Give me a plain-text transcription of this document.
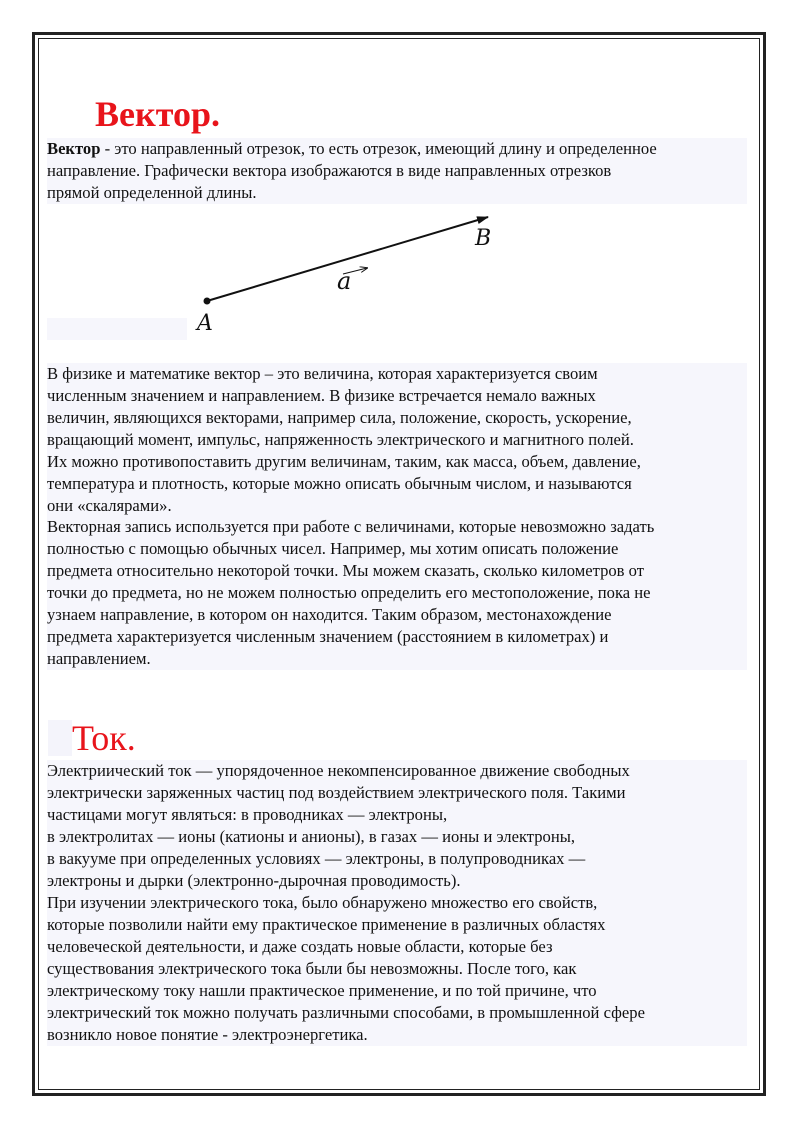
Вектор.
Вектор - это направленный отрезок, то есть отрезок, имеющий длину и определенное
направление. Графически вектора изображаются в виде направленных отрезков
прямой определенной длины.
A
B
a
В физике и математике вектор – это величина, которая характеризуется своим
численным значением и направлением. В физике встречается немало важных
величин, являющихся векторами, например сила, положение, скорость, ускорение,
вращающий момент, импульс, напряженность электрического и магнитного полей.
Их можно противопоставить другим величинам, таким, как масса, объем, давление,
температура и плотность, которые можно описать обычным числом, и называются
они «скалярами».
Векторная запись используется при работе с величинами, которые невозможно задать
полностью с помощью обычных чисел. Например, мы хотим описать положение
предмета относительно некоторой точки. Мы можем сказать, сколько километров от
точки до предмета, но не можем полностью определить его местоположение, пока не
узнаем направление, в котором он находится. Таким образом, местонахождение
предмета характеризуется численным значением (расстоянием в километрах) и
направлением.
Ток.
Электриический ток — упорядоченное некомпенсированное движение свободных
электрически заряженных частиц под воздействием электрического поля. Такими
частицами могут являться: в проводниках — электроны,
в электролитах — ионы (катионы и анионы), в газах — ионы и электроны,
в вакууме при определенных условиях — электроны, в полупроводниках —
электроны и дырки (электронно-дырочная проводимость).
При изучении электрического тока, было обнаружено множество его свойств,
которые позволили найти ему практическое применение в различных областях
человеческой деятельности, и даже создать новые области, которые без
существования электрического тока были бы невозможны. После того, как
электрическому току нашли практическое применение, и по той причине, что
электрический ток можно получать различными способами, в промышленной сфере
возникло новое понятие - электроэнергетика.
